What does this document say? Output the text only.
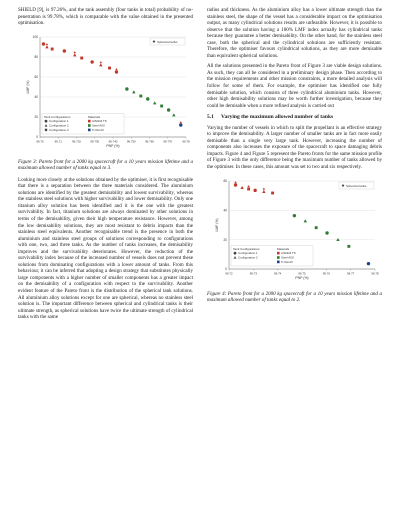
SHIELD [9], is 97.26%, and the tank assembly (four tanks in total) probability of no-penetration is 99.78%, which is comparable with the value obtained in the presented optimisation.

100
80
60
40
20
0
99.70	99.71	99.720	99.730	99.740	99.750	99.760	99.770	99.78
LMF (%)
PNP (%)
Spherical tanks
Tank Configurations	Materials
Configuration 1
Configuration 2
Configuration 3
AISI316 TS
Steel AISI
Ti-6Al-4V

Figure 3: Pareto front for a 2000 kg spacecraft for a 10 years mission lifetime and a maximum allowed number of tanks equal to 3.

Looking more closely at the solutions obtained by the optimiser, it is first recognisable that there is a separation between the three materials considered. The aluminium solutions are identified by the greatest demisability and lowest survivability, whereas the stainless steel solutions with higher survivability and lower demisability. Only one titanium alloy solution has been identified and it is the one with the greatest survivability. In fact, titanium solutions are always dominated by other solutions in terms of the demisability, given their high temperature resistance. However, among the low demisability solutions, they are most resistant to debris impacts than the stainless steel equivalents. Another recognisable trend is the presence in both the aluminium and stainless steel groups of solutions corresponding to configurations with one, two, and three tanks. As the number of tanks increases, the demisability improves and the survivability deteriorates. However, the reduction of the survivability index because of the increased number of vessels does not prevent these solutions from dominating configurations with a lower amount of tanks. From this behaviour, it can be inferred that adopting a design strategy that substitutes physically large components with a higher number of smaller components has a greater impact on the demisability of a configuration with respect to the survivability. Another evident feature of the Pareto front is the distribution of the spherical tank solutions. All aluminium alloy solutions except for one are spherical, whereas no stainless steel solution is. The important difference between spherical and cylindrical tanks is their ultimate strength, as spherical solutions have twice the ultimate strength of cylindrical tanks with the same

radius and thickness. As the aluminium alloy has a lower ultimate strength than the stainless steel, the shape of the vessel has a considerable impact on the optimisation output, as many cylindrical solutions results are unfeasible. However, it is possible to observe that the solution having a 100% LMF index actually has cylindrical tanks because they guarantee a better demisability. On the other hand, for the stainless steel case, both the spherical and the cylindrical solutions are sufficiently resistant. Therefore, the optimiser favours cylindrical solutions, as they are more demisable than equivalent spherical solutions.

All the solutions presented in the Pareto front of Figure 3 are viable design solutions. As such, they can all be considered in a preliminary design phase. Then according to the mission requirements and other mission constraints, a more detailed analysis will follow for some of them. For example, the optimiser has identified one fully demisable solution, which consists of three cylindrical aluminium tanks. However, other high demisability solutions may be worth further investigation, because they could be demisable when a more refined analysis is carried out

5.1 Varying the maximum allowed number of tanks

Varying the number of vessels in which to split the propellant is an effective strategy to improve the demisability. A larger number of smaller tanks are in fact more easily demisable than a single very large tank. However, increasing the number of components also increases the exposure of the spacecraft to space damaging debris impacts. Figure 4 and Figure 5 represent the Pareto fronts for the same mission profile of Figure 3 with the only difference being the maximum number of tanks allowed by the optimiser. In these cases, this amount was set to two and six respectively.

60
40
20
0
99.72	99.73	99.74	99.75	99.76	99.77	99.78
LMF (%)
PNP (%)
Spherical tanks
Tank Configurations	Materials
Configuration 1
Configuration 2
AISI316 TS
Steel AISI
Ti-6Al-4V

Figure 4: Pareto front for a 2000 kg spacecraft for a 10 years mission lifetime and a maximum allowed number of tanks equal to 2.
